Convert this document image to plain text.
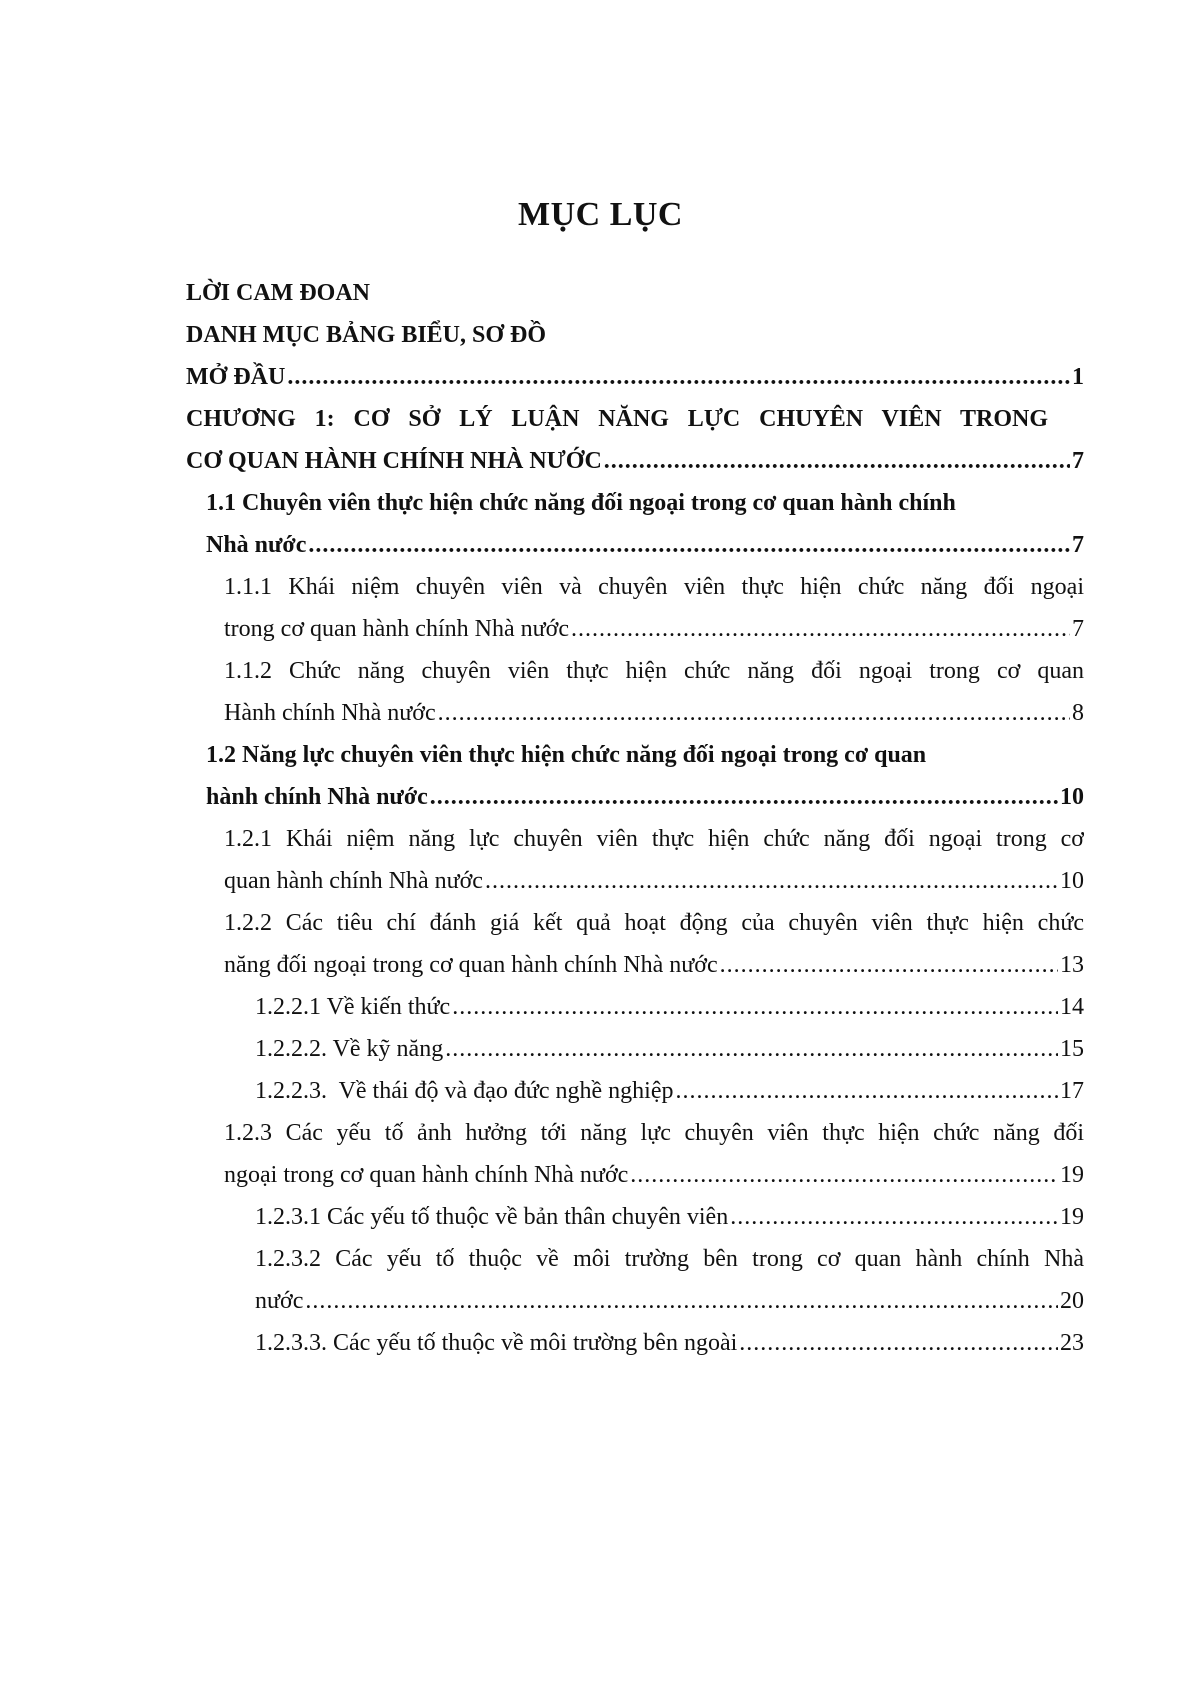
MỤC LỤC
LỜI CAM ĐOAN
DANH MỤC BẢNG BIỂU, SƠ ĐỒ
MỞ ĐẦU .....	1
CHƯƠNG 1: CƠ SỞ LÝ LUẬN NĂNG LỰC CHUYÊN VIÊN TRONG
CƠ QUAN HÀNH CHÍNH NHÀ NƯỚC .....	7
1.1 Chuyên viên thực hiện chức năng đối ngoại trong cơ quan hành chính
Nhà nước .....	7
1.1.1 Khái niệm chuyên viên và chuyên viên thực hiện chức năng đối ngoại
trong cơ quan hành chính Nhà nước .....	7
1.1.2 Chức năng chuyên viên thực hiện chức năng đối ngoại trong cơ quan
Hành chính Nhà nước .....	8
1.2 Năng lực chuyên viên thực hiện chức năng đối ngoại trong cơ quan
hành chính Nhà nước .....	10
1.2.1 Khái niệm năng lực chuyên viên thực hiện chức năng đối ngoại trong cơ
quan hành chính Nhà nước .....	10
1.2.2 Các tiêu chí đánh giá kết quả hoạt động của chuyên viên thực hiện chức
năng đối ngoại trong cơ quan hành chính Nhà nước .....	13
1.2.2.1 Về kiến thức .....	14
1.2.2.2. Về kỹ năng .....	15
1.2.2.3.  Về thái độ và đạo đức nghề nghiệp .....	17
1.2.3 Các yếu tố ảnh hưởng tới năng lực chuyên viên thực hiện chức năng đối
ngoại trong cơ quan hành chính Nhà nước .....	19
1.2.3.1 Các yếu tố thuộc về bản thân chuyên viên .....	19
1.2.3.2 Các yếu tố thuộc về môi trường bên trong cơ quan hành chính Nhà
nước .....	20
1.2.3.3. Các yếu tố thuộc về môi trường bên ngoài .....	23
